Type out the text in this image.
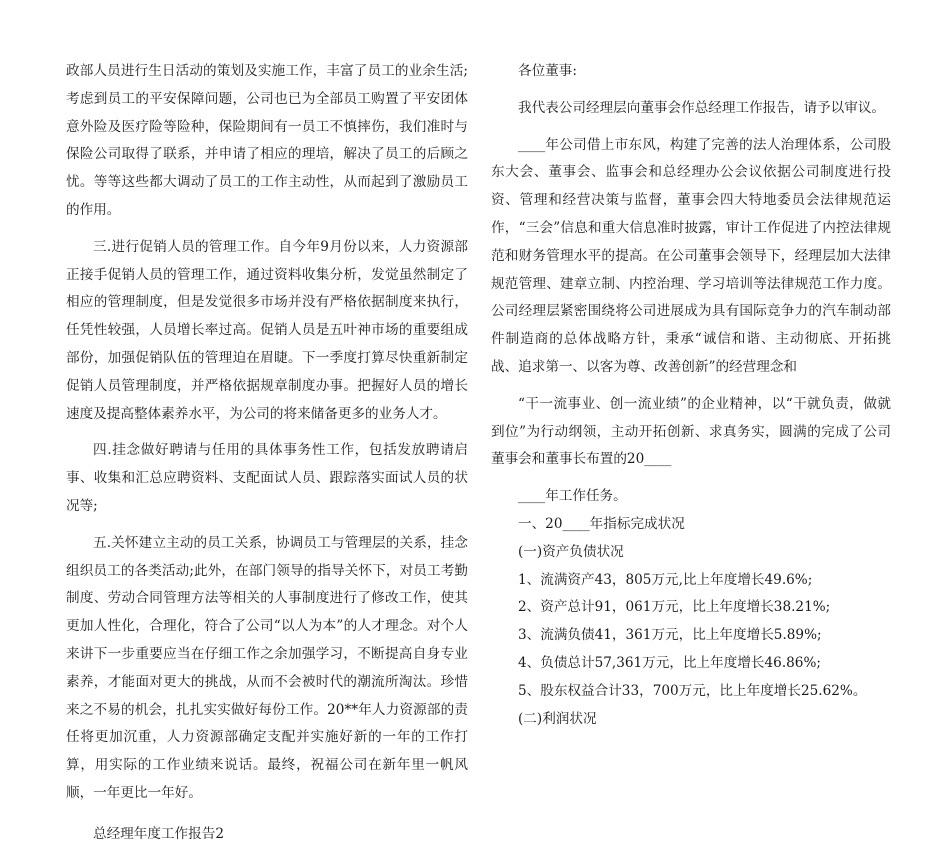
政部人员进行生日活动的策划及实施工作，丰富了员工的业余生活;考虑到员工的平安保障问题，公司也已为全部员工购置了平安团体意外险及医疗险等险种，保险期间有一员工不慎摔伤，我们准时与保险公司取得了联系，并申请了相应的理培，解决了员工的后顾之忧。等等这些都大调动了员工的工作主动性，从而起到了激励员工的作用。

三.进行促销人员的管理工作。自今年9月份以来，人力资源部正接手促销人员的管理工作，通过资料收集分析，发觉虽然制定了相应的管理制度，但是发觉很多市场并没有严格依据制度来执行，任凭性较强，人员增长率过高。促销人员是五叶神市场的重要组成部份，加强促销队伍的管理迫在眉睫。下一季度打算尽快重新制定促销人员管理制度，并严格依据规章制度办事。把握好人员的增长速度及提高整体素养水平，为公司的将来储备更多的业务人才。

四.挂念做好聘请与任用的具体事务性工作，包括发放聘请启事、收集和汇总应聘资料、支配面试人员、跟踪落实面试人员的状况等;

五.关怀建立主动的员工关系，协调员工与管理层的关系，挂念组织员工的各类活动;此外，在部门领导的指导关怀下，对员工考勤制度、劳动合同管理方法等相关的人事制度进行了修改工作，使其更加人性化，合理化，符合了公司“以人为本”的人才理念。对个人来讲下一步重要应当在仔细工作之余加强学习，不断提高自身专业素养，才能面对更大的挑战，从而不会被时代的潮流所淘汰。珍惜来之不易的机会，扎扎实实做好每份工作。20**年人力资源部的责任将更加沉重，人力资源部确定支配并实施好新的一年的工作打算，用实际的工作业绩来说话。最终，祝福公司在新年里一帆风顺，一年更比一年好。

总经理年度工作报告2

各位董事:

我代表公司经理层向董事会作总经理工作报告，请予以审议。

____年公司借上市东风，构建了完善的法人治理体系，公司股东大会、董事会、监事会和总经理办公会议依据公司制度进行投资、管理和经营决策与监督，董事会四大特地委员会法律规范运作，“三会”信息和重大信息准时披露，审计工作促进了内控法律规范和财务管理水平的提高。在公司董事会领导下，经理层加大法律规范管理、建章立制、内控治理、学习培训等法律规范工作力度。公司经理层紧密围绕将公司进展成为具有国际竞争力的汽车制动部件制造商的总体战略方针，秉承“诚信和谐、主动彻底、开拓挑战、追求第一、以客为尊、改善创新”的经营理念和

“干一流事业、创一流业绩”的企业精神，以“干就负责，做就到位”为行动纲领，主动开拓创新、求真务实，圆满的完成了公司董事会和董事长布置的20____

____年工作任务。

一、20____年指标完成状况

(一)资产负债状况

1、流满资产43，805万元,比上年度增长49.6%;

2、资产总计91，061万元，比上年度增长38.21%;

3、流满负债41，361万元，比上年度增长5.89%;

4、负债总计57,361万元，比上年度增长46.86%;

5、股东权益合计33，700万元，比上年度增长25.62%。

(二)利润状况
